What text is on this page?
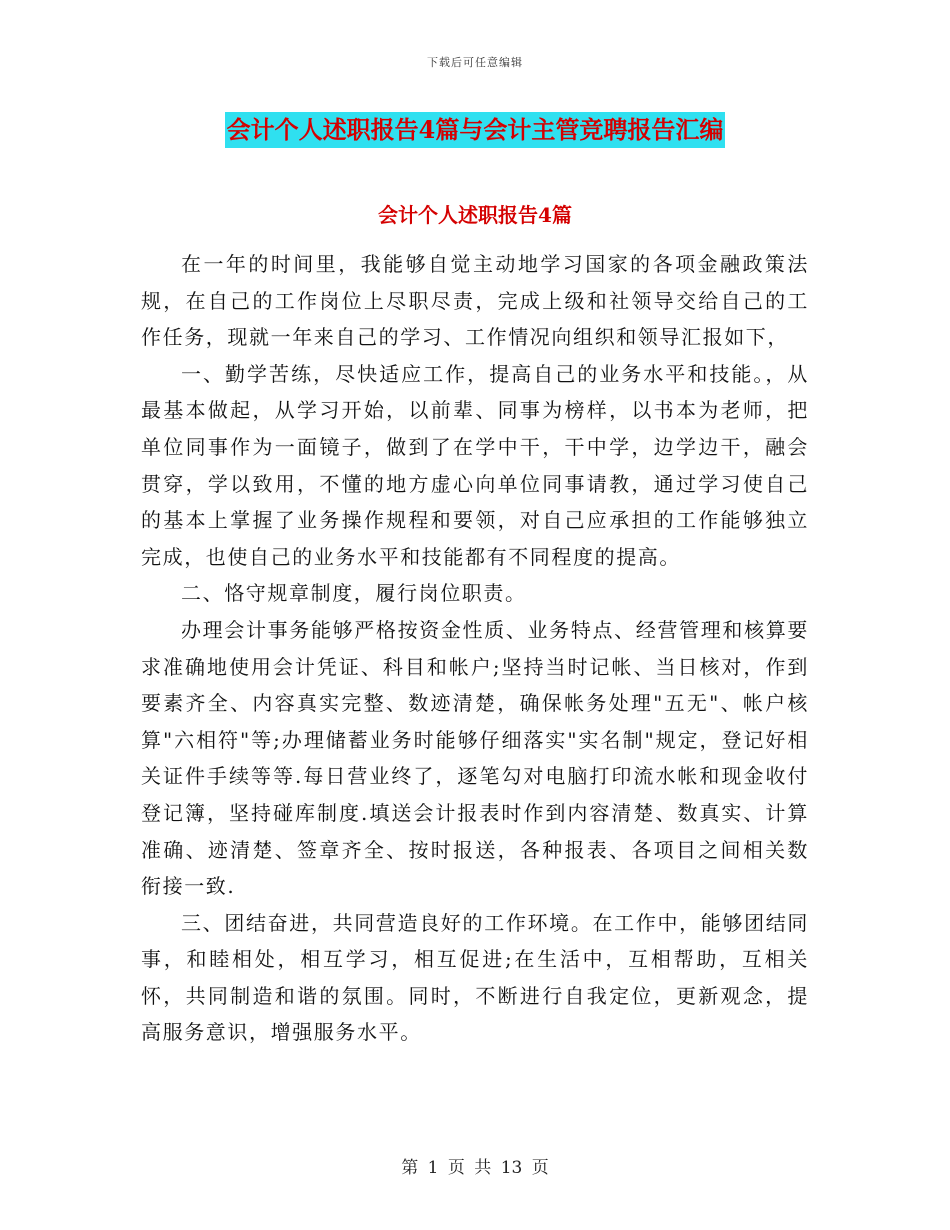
下载后可任意编辑
会计个人述职报告4篇与会计主管竞聘报告汇编
会计个人述职报告4篇

在一年的时间里，我能够自觉主动地学习国家的各项金融政策法规，在自己的工作岗位上尽职尽责，完成上级和社领导交给自己的工作任务，现就一年来自己的学习、工作情况向组织和领导汇报如下，

一、勤学苦练，尽快适应工作，提高自己的业务水平和技能。，从最基本做起，从学习开始，以前辈、同事为榜样，以书本为老师，把单位同事作为一面镜子，做到了在学中干，干中学，边学边干，融会贯穿，学以致用，不懂的地方虚心向单位同事请教，通过学习使自己的基本上掌握了业务操作规程和要领，对自己应承担的工作能够独立完成，也使自己的业务水平和技能都有不同程度的提高。

二、恪守规章制度，履行岗位职责。

办理会计事务能够严格按资金性质、业务特点、经营管理和核算要求准确地使用会计凭证、科目和帐户;坚持当时记帐、当日核对，作到要素齐全、内容真实完整、数迹清楚，确保帐务处理"五无"、帐户核算"六相符"等;办理储蓄业务时能够仔细落实"实名制"规定，登记好相关证件手续等等.每日营业终了，逐笔勾对电脑打印流水帐和现金收付登记簿，坚持碰库制度.填送会计报表时作到内容清楚、数真实、计算准确、迹清楚、签章齐全、按时报送，各种报表、各项目之间相关数衔接一致.

三、团结奋进，共同营造良好的工作环境。在工作中，能够团结同事，和睦相处，相互学习，相互促进;在生活中，互相帮助，互相关怀，共同制造和谐的氛围。同时，不断进行自我定位，更新观念，提高服务意识，增强服务水平。

第 1 页 共 13 页
